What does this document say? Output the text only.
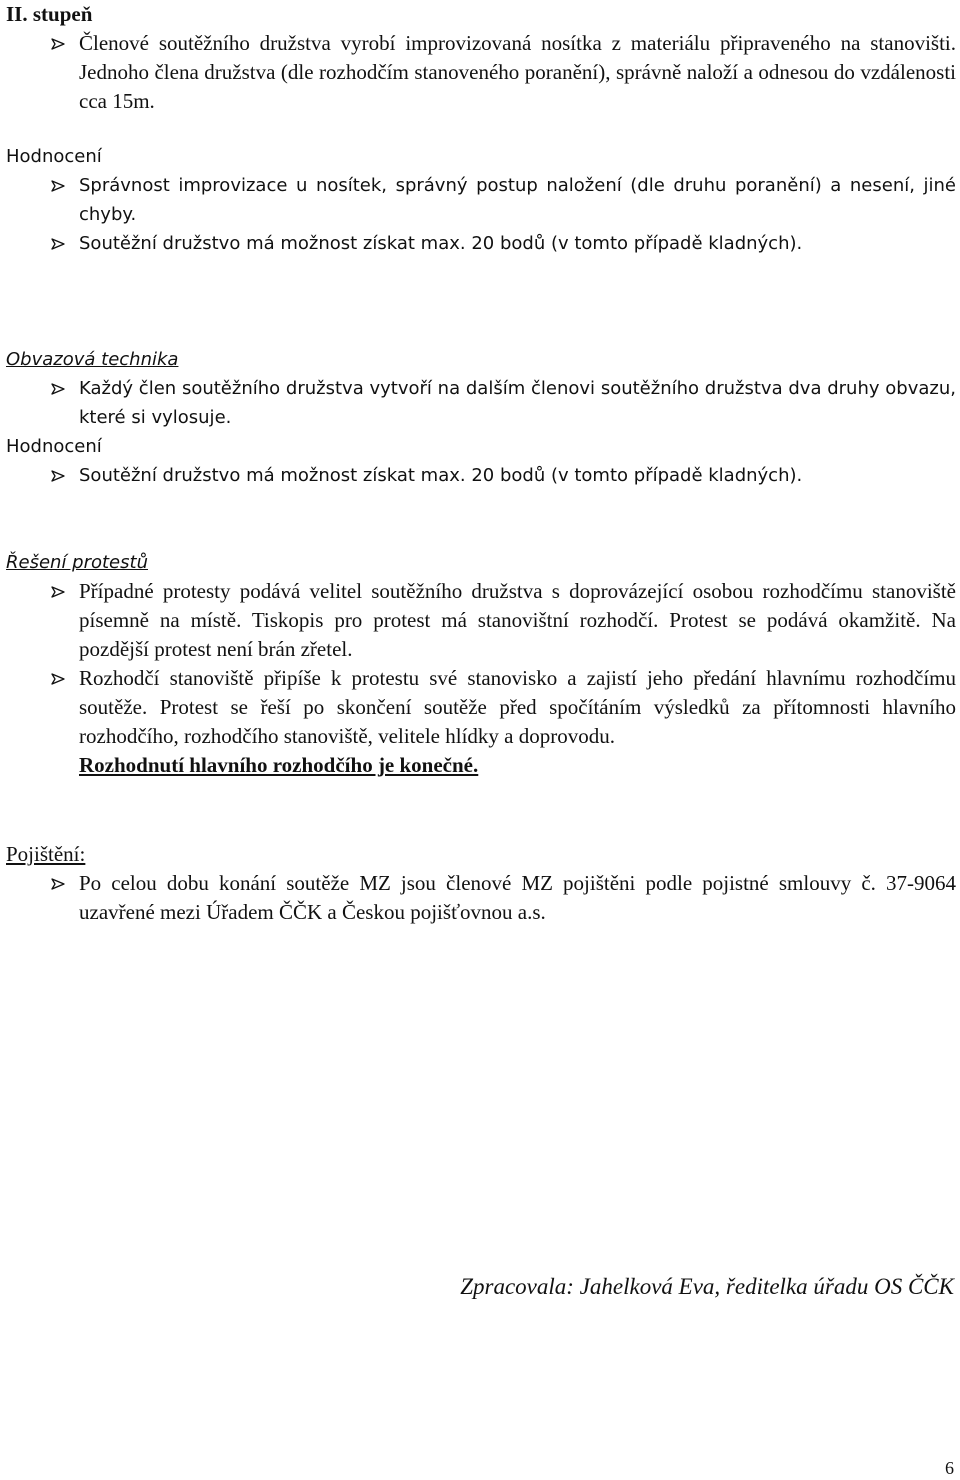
II. stupeň
Členové soutěžního družstva vyrobí improvizovaná nosítka z materiálu připraveného na stanovišti. Jednoho člena družstva (dle rozhodčím stanoveného poranění), správně naloží a odnesou do vzdálenosti cca 15m.
Hodnocení
Správnost improvizace u nosítek, správný postup naložení (dle druhu poranění) a nesení, jiné chyby.
Soutěžní družstvo má možnost získat max. 20 bodů (v tomto případě kladných).
Obvazová technika
Každý člen soutěžního družstva vytvoří na dalším členovi soutěžního družstva dva druhy obvazu, které si vylosuje.
Hodnocení
Soutěžní družstvo má možnost získat max. 20 bodů (v tomto případě kladných).
Řešení protestů
Případné protesty podává velitel soutěžního družstva s doprovázející osobou rozhodčímu stanoviště písemně na místě. Tiskopis pro protest má stanovištní rozhodčí. Protest se podává okamžitě. Na pozdější protest není brán zřetel.
Rozhodčí stanoviště připíše k protestu své stanovisko a zajistí jeho předání hlavnímu rozhodčímu soutěže. Protest se řeší po skončení soutěže před spočítáním výsledků za přítomnosti hlavního rozhodčího, rozhodčího stanoviště, velitele hlídky a doprovodu.
Rozhodnutí hlavního rozhodčího je konečné.
Pojištění:
Po celou dobu konání soutěže MZ jsou členové MZ pojištěni podle pojistné smlouvy č. 37-9064 uzavřené mezi Úřadem ČČK a Českou pojišťovnou a.s.
Zpracovala: Jahelková Eva, ředitelka úřadu OS ČČK
6
